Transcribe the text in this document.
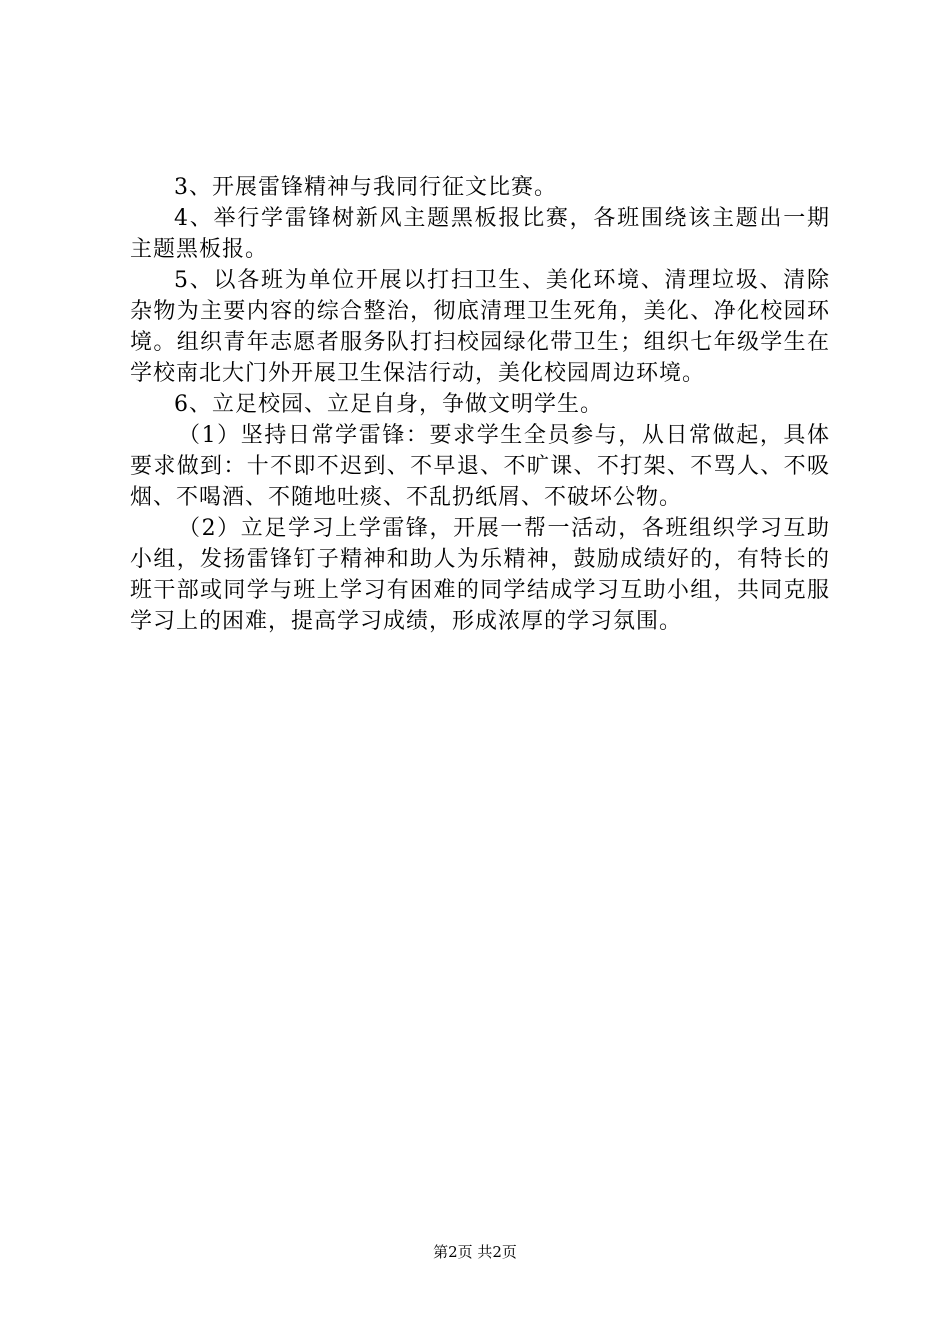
3、开展雷锋精神与我同行征文比赛。

4、举行学雷锋树新风主题黑板报比赛，各班围绕该主题出一期主题黑板报。

5、以各班为单位开展以打扫卫生、美化环境、清理垃圾、清除杂物为主要内容的综合整治，彻底清理卫生死角，美化、净化校园环境。组织青年志愿者服务队打扫校园绿化带卫生；组织七年级学生在学校南北大门外开展卫生保洁行动，美化校园周边环境。

6、立足校园、立足自身，争做文明学生。

（1）坚持日常学雷锋：要求学生全员参与，从日常做起，具体要求做到：十不即不迟到、不早退、不旷课、不打架、不骂人、不吸烟、不喝酒、不随地吐痰、不乱扔纸屑、不破坏公物。

（2）立足学习上学雷锋，开展一帮一活动，各班组织学习互助小组，发扬雷锋钉子精神和助人为乐精神，鼓励成绩好的，有特长的班干部或同学与班上学习有困难的同学结成学习互助小组，共同克服学习上的困难，提高学习成绩，形成浓厚的学习氛围。

第2页 共2页
